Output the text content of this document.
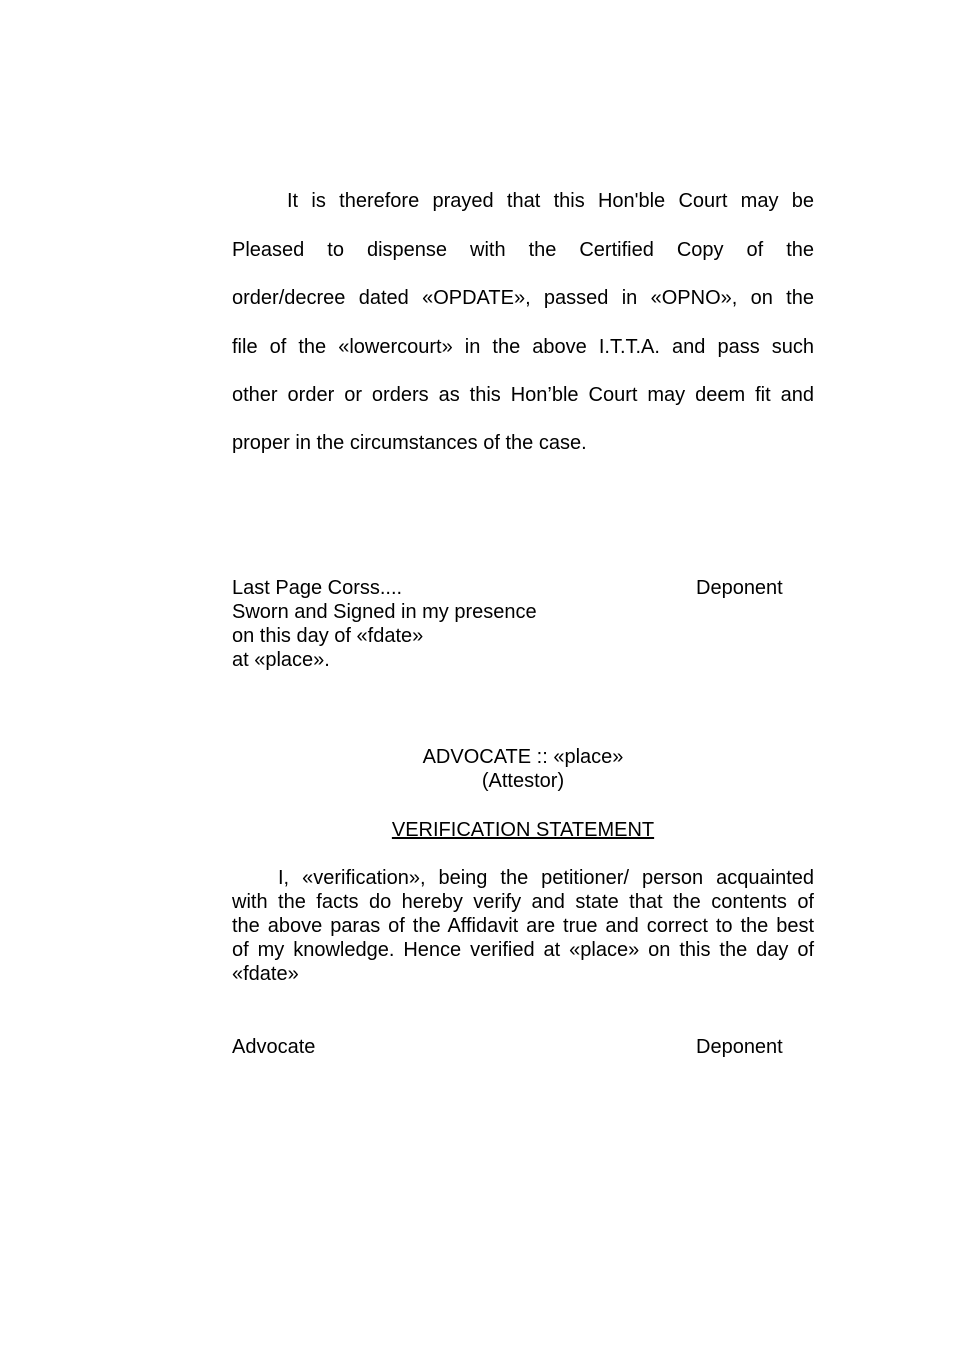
It is therefore prayed that this Hon'ble Court may be
Pleased to dispense with the Certified Copy of the
order/decree dated «OPDATE», passed in «OPNO», on the
file of the «lowercourt» in the above I.T.T.A. and pass such
other order or orders as this Hon’ble Court may deem fit and
proper in the circumstances of the case.
Last Page Corss....	Deponent
Sworn and Signed in my presence
on this day of «fdate»
at «place».
ADVOCATE :: «place»
(Attestor)
VERIFICATION STATEMENT
I, «verification», being the petitioner/ person acquainted
with the facts do hereby verify and state that the contents of
the above paras of the Affidavit are true and correct to the best
of my knowledge. Hence verified at «place» on this the day of
«fdate»
Advocate	Deponent
